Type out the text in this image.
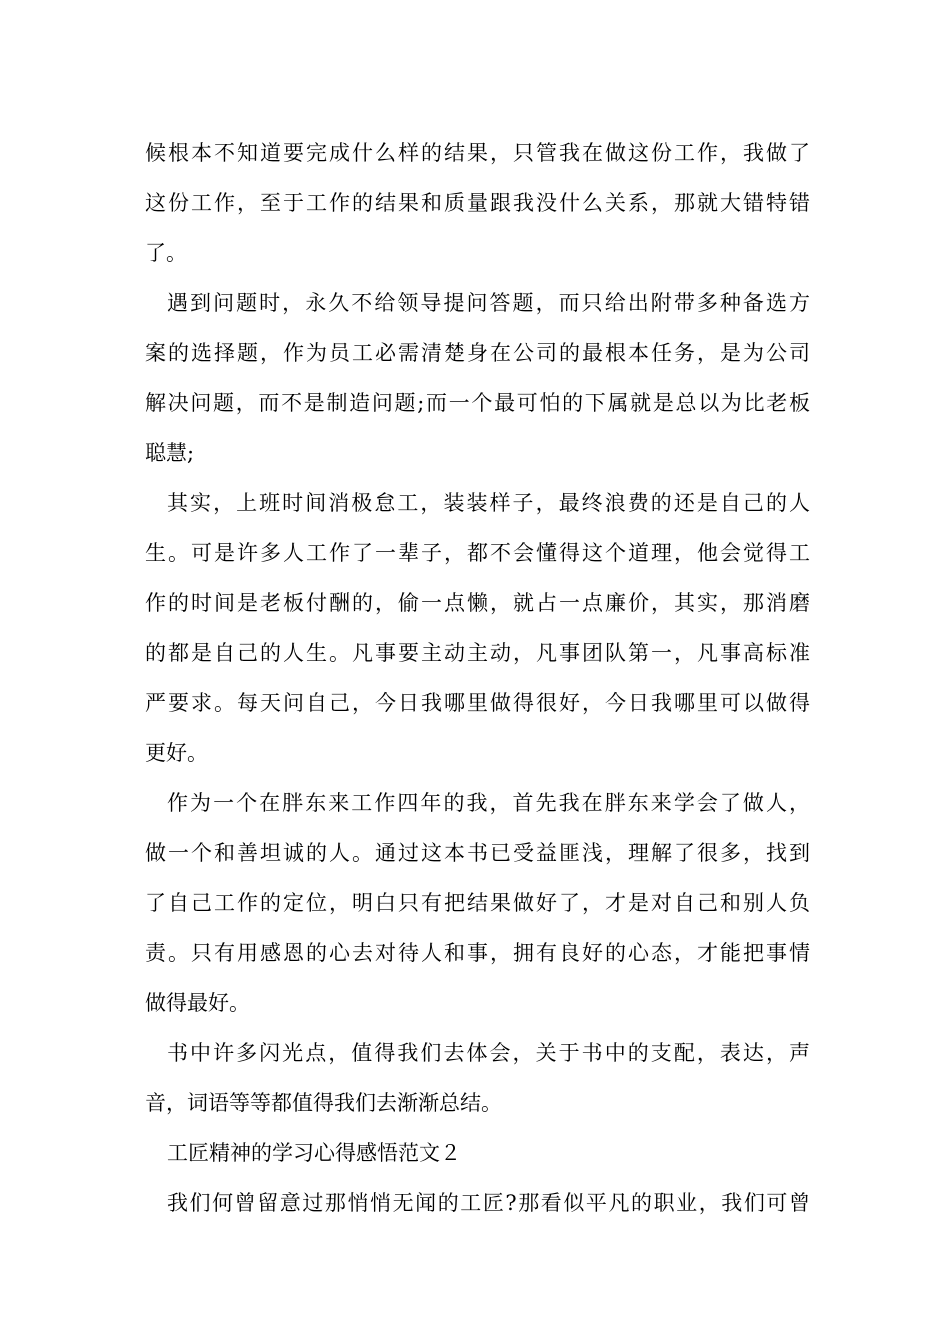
候根本不知道要完成什么样的结果，只管我在做这份工作，我做了
这份工作，至于工作的结果和质量跟我没什么关系，那就大错特错
了。
遇到问题时，永久不给领导提问答题，而只给出附带多种备选方
案的选择题，作为员工必需清楚身在公司的最根本任务，是为公司
解决问题，而不是制造问题;而一个最可怕的下属就是总以为比老板
聪慧;
其实，上班时间消极怠工，装装样子，最终浪费的还是自己的人
生。可是许多人工作了一辈子，都不会懂得这个道理，他会觉得工
作的时间是老板付酬的，偷一点懒，就占一点廉价，其实，那消磨
的都是自己的人生。凡事要主动主动，凡事团队第一，凡事高标准
严要求。每天问自己，今日我哪里做得很好，今日我哪里可以做得
更好。
作为一个在胖东来工作四年的我，首先我在胖东来学会了做人，
做一个和善坦诚的人。通过这本书已受益匪浅，理解了很多，找到
了自己工作的定位，明白只有把结果做好了，才是对自己和别人负
责。只有用感恩的心去对待人和事，拥有良好的心态，才能把事情
做得最好。
书中许多闪光点，值得我们去体会，关于书中的支配，表达，声
音，词语等等都值得我们去渐渐总结。
工匠精神的学习心得感悟范文２
我们何曾留意过那悄悄无闻的工匠?那看似平凡的职业，我们可曾
